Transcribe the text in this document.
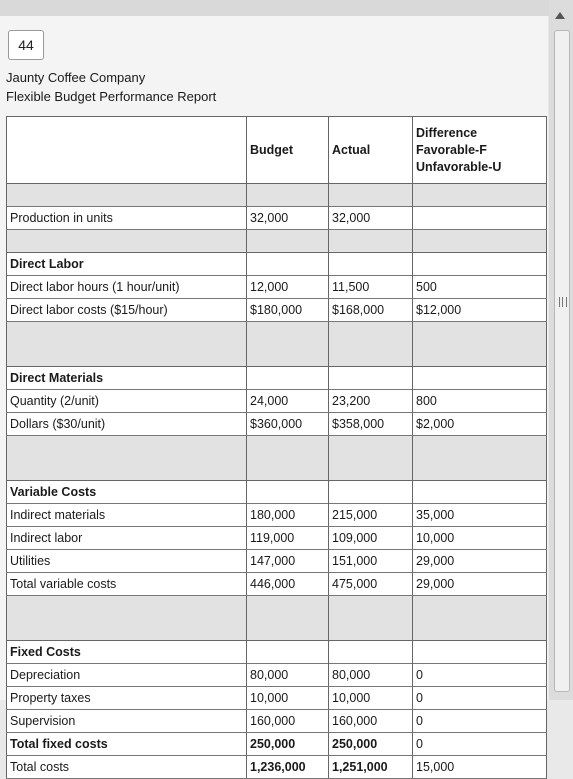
44
Jaunty Coffee Company
Flexible Budget Performance Report
	Budget	Actual	Difference
Favorable-F
Unfavorable-U

Production in units	32,000	32,000	

Direct Labor			
Direct labor hours (1 hour/unit)	12,000	11,500	500
Direct labor costs ($15/hour)	$180,000	$168,000	$12,000

Direct Materials			
Quantity (2/unit)	24,000	23,200	800
Dollars ($30/unit)	$360,000	$358,000	$2,000

Variable Costs			
Indirect materials	180,000	215,000	35,000
Indirect labor	119,000	109,000	10,000
Utilities	147,000	151,000	29,000
Total variable costs	446,000	475,000	29,000

Fixed Costs			
Depreciation	80,000	80,000	0
Property taxes	10,000	10,000	0
Supervision	160,000	160,000	0
Total fixed costs	250,000	250,000	0
Total costs	1,236,000	1,251,000	15,000
